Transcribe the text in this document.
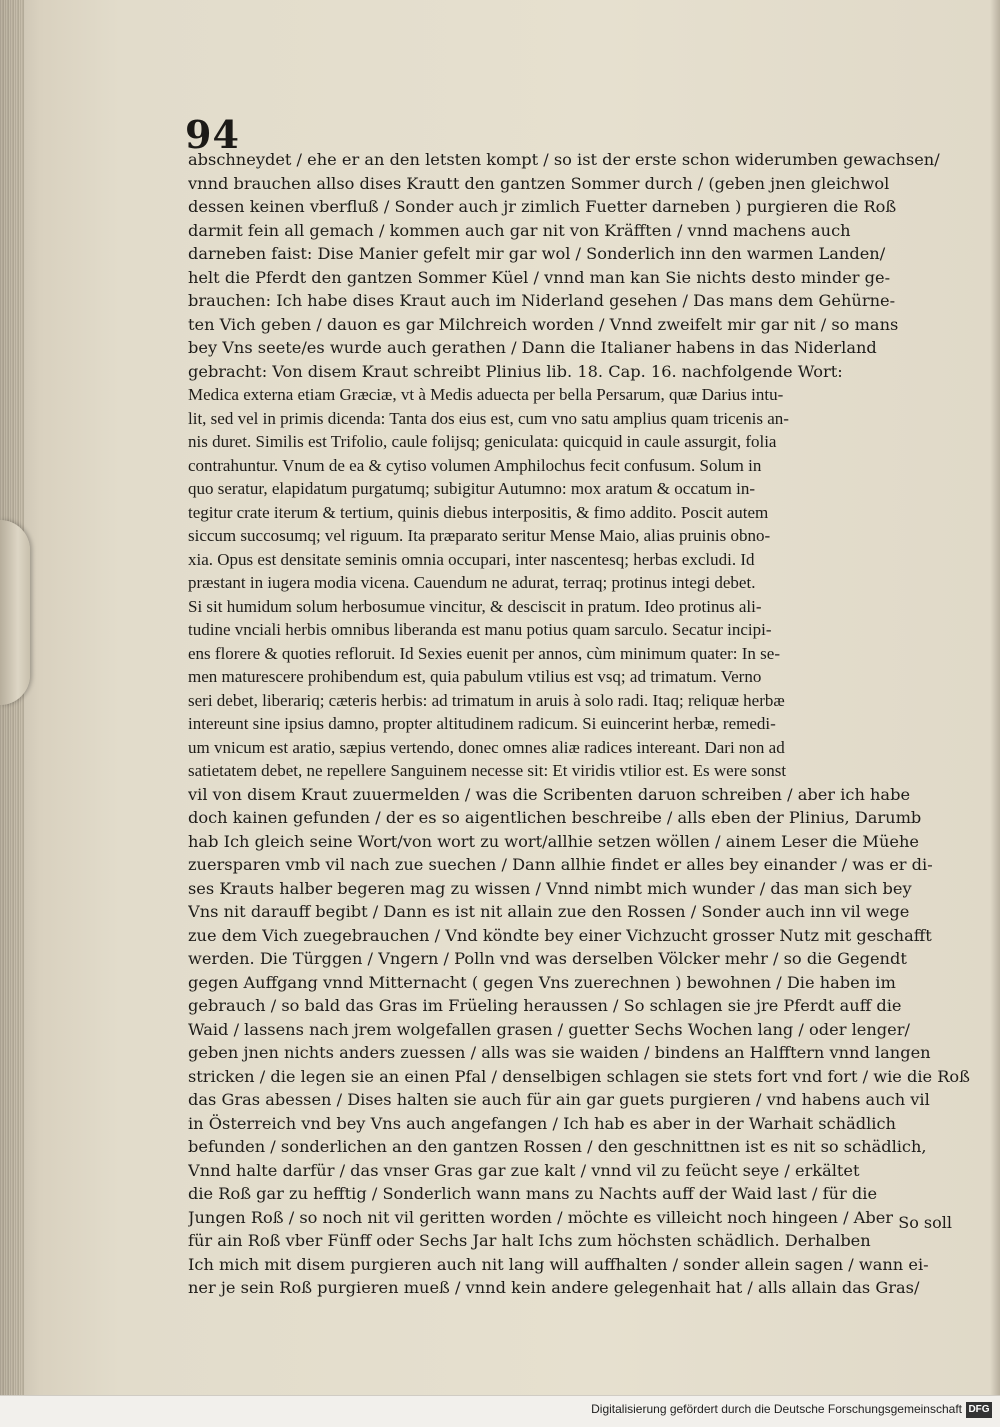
94
abschneydet / ehe er an den letsten kompt / so ist der erste schon widerumben gewachsen/
vnnd brauchen allso dises Krautt den gantzen Sommer durch / (geben jnen gleichwol
dessen keinen vberfluß / Sonder auch jr zimlich Fuetter darneben ) purgieren die Roß
darmit fein all gemach / kommen auch gar nit von Kräfften / vnnd machens auch
darneben faist: Dise Manier gefelt mir gar wol / Sonderlich inn den warmen Landen/
helt die Pferdt den gantzen Sommer Küel / vnnd man kan Sie nichts desto minder ge-
brauchen: Ich habe dises Kraut auch im Niderland gesehen / Das mans dem Gehürne-
ten Vich geben / dauon es gar Milchreich worden / Vnnd zweifelt mir gar nit / so mans
bey Vns seete/es wurde auch gerathen / Dann die Italianer habens in das Niderland
gebracht: Von disem Kraut schreibt Plinius lib. 18. Cap. 16. nachfolgende Wort:
Medica externa etiam Græciæ, vt à Medis aduecta per bella Persarum, quæ Darius intu-
lit, sed vel in primis dicenda: Tanta dos eius est, cum vno satu amplius quam tricenis an-
nis duret. Similis est Trifolio, caule folijsq; geniculata: quicquid in caule assurgit, folia
contrahuntur. Vnum de ea & cytiso volumen Amphilochus fecit confusum. Solum in
quo seratur, elapidatum purgatumq; subigitur Autumno: mox aratum & occatum in-
tegitur crate iterum & tertium, quinis diebus interpositis, & fimo addito. Poscit autem
siccum succosumq; vel riguum. Ita præparato seritur Mense Maio, alias pruinis obno-
xia. Opus est densitate seminis omnia occupari, inter nascentesq; herbas excludi. Id
præstant in iugera modia vicena. Cauendum ne adurat, terraq; protinus integi debet.
Si sit humidum solum herbosumue vincitur, & desciscit in pratum. Ideo protinus ali-
tudine vnciali herbis omnibus liberanda est manu potius quam sarculo. Secatur incipi-
ens florere & quoties refloruit. Id Sexies euenit per annos, cùm minimum quater: In se-
men maturescere prohibendum est, quia pabulum vtilius est vsq; ad trimatum. Verno
seri debet, liberariq; cæteris herbis: ad trimatum in aruis à solo radi. Itaq; reliquæ herbæ
intereunt sine ipsius damno, propter altitudinem radicum. Si euincerint herbæ, remedi-
um vnicum est aratio, sæpius vertendo, donec omnes aliæ radices intereant. Dari non ad
satietatem debet, ne repellere Sanguinem necesse sit: Et viridis vtilior est. Es were sonst
vil von disem Kraut zuuermelden / was die Scribenten daruon schreiben / aber ich habe
doch kainen gefunden / der es so aigentlichen beschreibe / alls eben der Plinius, Darumb
hab Ich gleich seine Wort/von wort zu wort/allhie setzen wöllen / ainem Leser die Müehe
zuersparen vmb vil nach zue suechen / Dann allhie findet er alles bey einander / was er di-
ses Krauts halber begeren mag zu wissen / Vnnd nimbt mich wunder / das man sich bey
Vns nit darauff begibt / Dann es ist nit allain zue den Rossen / Sonder auch inn vil wege
zue dem Vich zuegebrauchen / Vnd köndte bey einer Vichzucht grosser Nutz mit geschafft
werden. Die Türggen / Vngern / Polln vnd was derselben Völcker mehr / so die Gegendt
gegen Auffgang vnnd Mitternacht ( gegen Vns zuerechnen ) bewohnen / Die haben im
gebrauch / so bald das Gras im Früeling heraussen / So schlagen sie jre Pferdt auff die
Waid / lassens nach jrem wolgefallen grasen / guetter Sechs Wochen lang / oder lenger/
geben jnen nichts anders zuessen / alls was sie waiden / bindens an Halfftern vnnd langen
stricken / die legen sie an einen Pfal / denselbigen schlagen sie stets fort vnd fort / wie die Roß
das Gras abessen / Dises halten sie auch für ain gar guets purgieren / vnd habens auch vil
in Österreich vnd bey Vns auch angefangen / Ich hab es aber in der Warhait schädlich
befunden / sonderlichen an den gantzen Rossen / den geschnittnen ist es nit so schädlich,
Vnnd halte darfür / das vnser Gras gar zue kalt / vnnd vil zu feücht seye / erkältet
die Roß gar zu hefftig / Sonderlich wann mans zu Nachts auff der Waid last / für die
Jungen Roß / so noch nit vil geritten worden / möchte es villeicht noch hingeen / Aber
für ain Roß vber Fünff oder Sechs Jar halt Ichs zum höchsten schädlich. Derhalben
Ich mich mit disem purgieren auch nit lang will auffhalten / sonder allein sagen / wann ei-
ner je sein Roß purgieren mueß / vnnd kein andere gelegenhait hat / alls allain das Gras/
So soll
Digitalisierung gefördert durch die Deutsche Forschungsgemeinschaft DFG
